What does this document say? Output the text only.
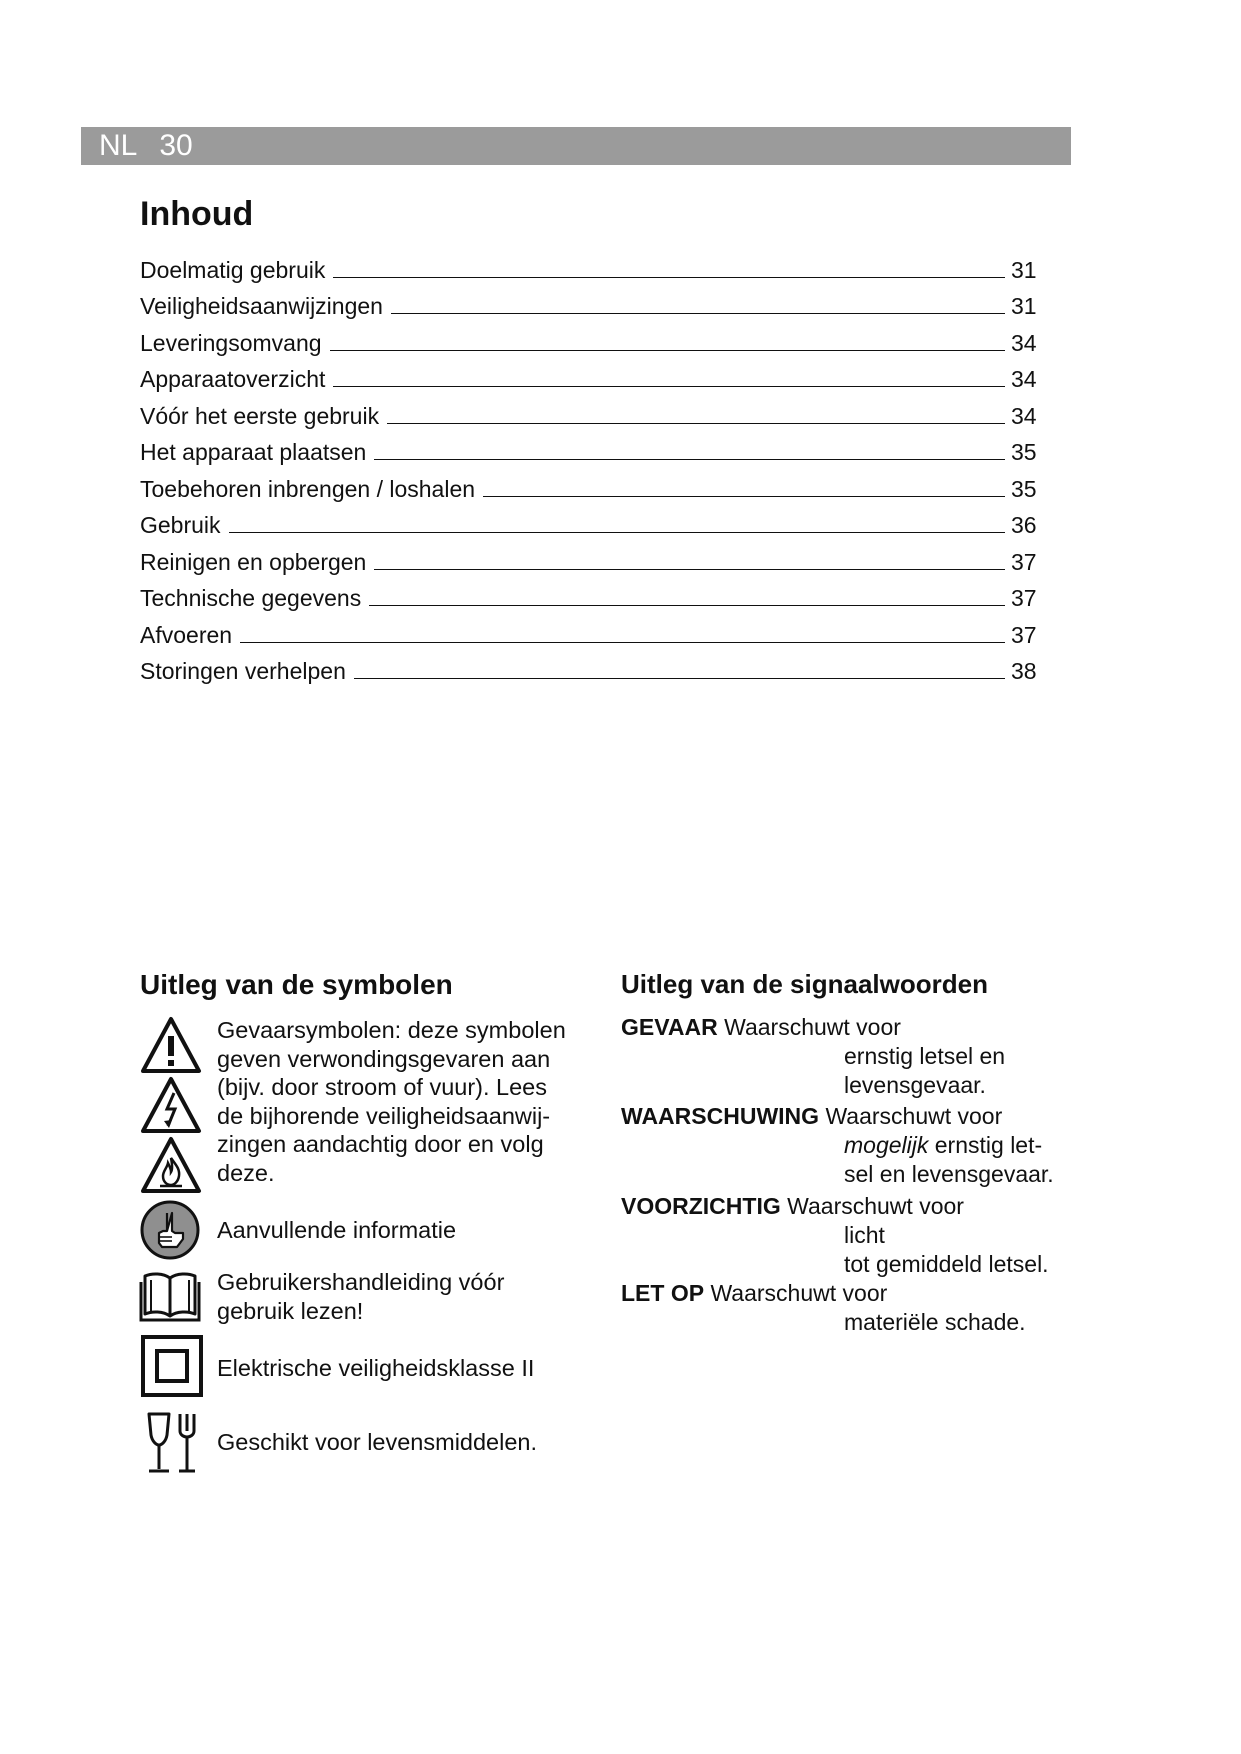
NL 30
Inhoud
Doelmatig gebruik	31
Veiligheidsaanwijzingen	31
Leveringsomvang	34
Apparaatoverzicht	34
Vóór het eerste gebruik	34
Het apparaat plaatsen	35
Toebehoren inbrengen / loshalen	35
Gebruik	36
Reinigen en opbergen	37
Technische gegevens	37
Afvoeren	37
Storingen verhelpen	38
Uitleg van de symbolen
Gevaarsymbolen: deze symbolen
geven verwondingsgevaren aan
(bijv. door stroom of vuur). Lees
de bijhorende veiligheidsaanwij-
zingen aandachtig door en volg
deze.
Aanvullende informatie
Gebruikershandleiding vóór
gebruik lezen!
Elektrische veiligheidsklasse II
Geschikt voor levensmiddelen.
Uitleg van de signaalwoorden
GEVAAR Waarschuwt voor
ernstig letsel en
levensgevaar.
WAARSCHUWING Waarschuwt voor
mogelijk ernstig let-
sel en levensgevaar.
VOORZICHTIG Waarschuwt voor
licht
tot gemiddeld letsel.
LET OP Waarschuwt voor
materiële schade.
